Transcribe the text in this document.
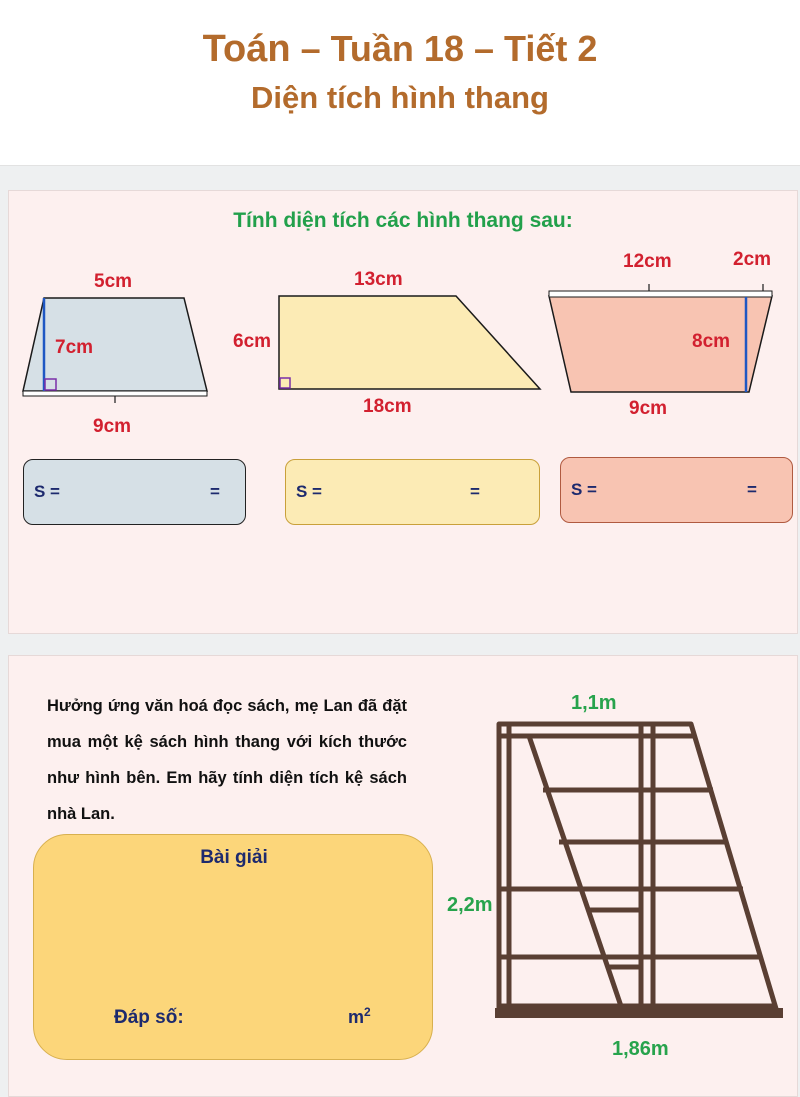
Toán – Tuần 18 – Tiết 2
Diện tích hình thang
Tính diện tích các hình thang sau:
5cm
7cm
9cm
13cm
6cm
18cm
12cm	2cm
8cm
9cm
S =	=	S =	=	S =	=
Hưởng ứng văn hoá đọc sách, mẹ Lan đã đặt mua một kệ sách hình thang với kích thước như hình bên. Em hãy tính diện tích kệ sách nhà Lan.
Bài giải
Đáp số:	$m^2$
1,1m
2,2m
1,86m
